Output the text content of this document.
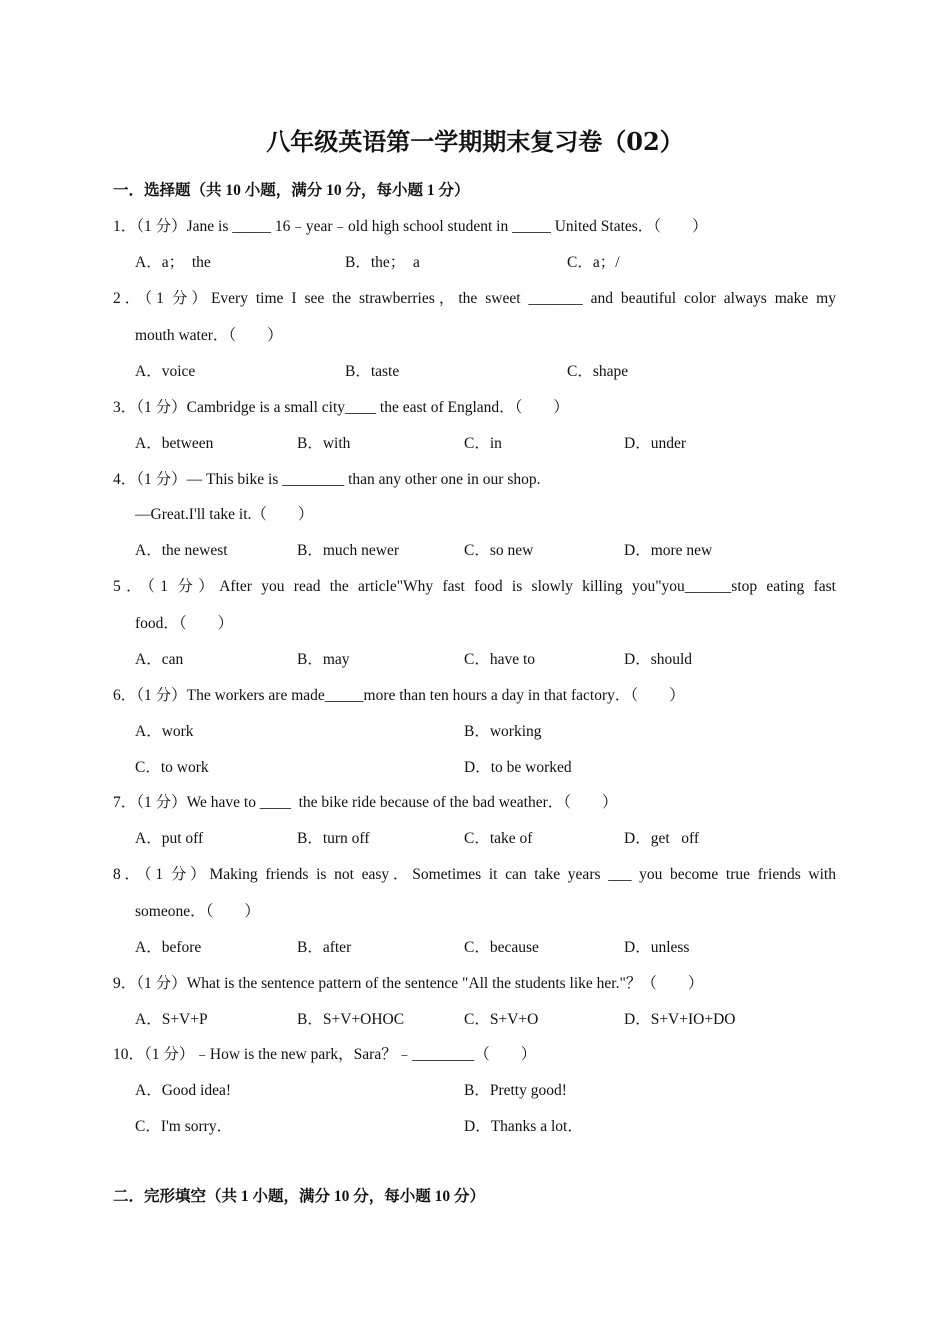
八年级英语第一学期期末复习卷（02）
一．选择题（共 10 小题，满分 10 分，每小题 1 分）
1．（1 分）Jane is _____ 16﹣year﹣old high school student in _____ United States．（　　）
A．a；  the	B．the；  a	C．a；/
2．（1 分）Every time I see the strawberries，the sweet _______ and beautiful color always make my
mouth water．（　　）
A．voice	B．taste	C．shape
3．（1 分）Cambridge is a small city____ the east of England．（　　）
A．between	B．with	C．in	D．under
4．（1 分）— This bike is ________ than any other one in our shop.
—Great.I'll take it.（　　）
A．the newest	B．much newer	C．so new	D．more new
5．（1 分）After you read the article"Why fast food is slowly killing you"you______stop eating fast
food．（　　）
A．can	B．may	C．have to	D．should
6．（1 分）The workers are made_____more than ten hours a day in that factory．（　　）
A．work	B．working
C．to work	D．to be worked
7．（1 分）We have to ____  the bike ride because of the bad weather．（　　）
A．put off	B．turn off	C．take of	D．get   off
8．（1 分）Making friends is not easy．Sometimes it can take years ___ you become true friends with
someone．（　　）
A．before	B．after	C．because	D．unless
9．（1 分）What is the sentence pattern of the sentence "All the students like her."？（　　）
A．S+V+P	B．S+V+OHOC	C．S+V+O	D．S+V+IO+DO
10．（1 分）﹣How is the new park，Sara？﹣________（　　）
A．Good idea!	B．Pretty good!
C．I'm sorry．	D．Thanks a lot．
二．完形填空（共 1 小题，满分 10 分，每小题 10 分）
